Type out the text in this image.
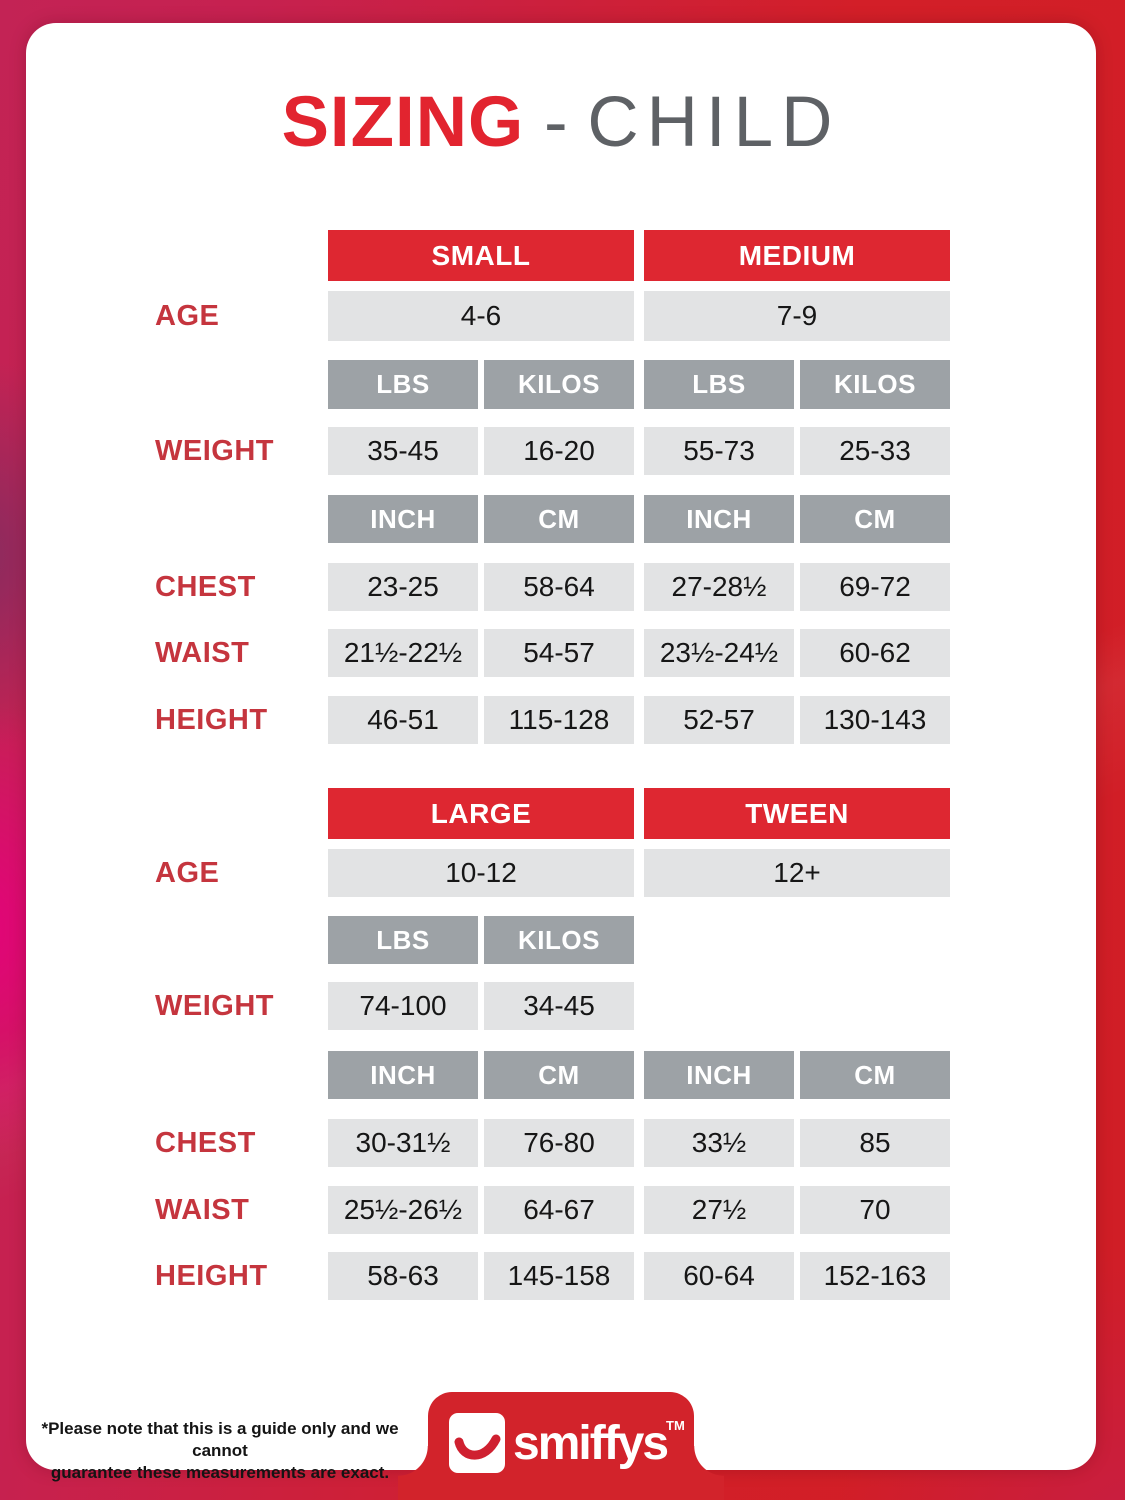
SIZING - CHILD
SMALL	MEDIUM
AGE	4-6	7-9
LBS	KILOS	LBS	KILOS
WEIGHT	35-45	16-20	55-73	25-33
INCH	CM	INCH	CM
CHEST	23-25	58-64	27-28½	69-72
WAIST	21½-22½	54-57	23½-24½	60-62
HEIGHT	46-51	115-128	52-57	130-143
LARGE	TWEEN
AGE	10-12	12+
LBS	KILOS
WEIGHT	74-100	34-45
INCH	CM	INCH	CM
CHEST	30-31½	76-80	33½	85
WAIST	25½-26½	64-67	27½	70
HEIGHT	58-63	145-158	60-64	152-163
*Please note that this is a guide only and we cannot
guarantee these measurements are exact.
smiffys
TM
